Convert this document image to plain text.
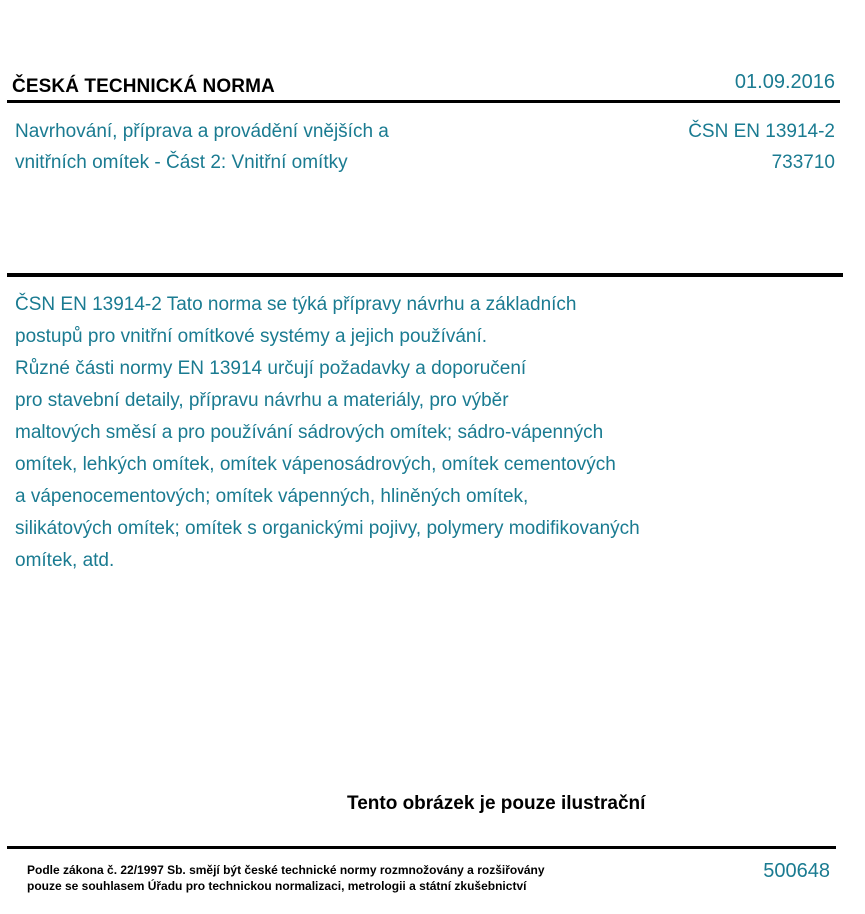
ČESKÁ TECHNICKÁ NORMA	01.09.2016
Navrhování, příprava a provádění vnějších a
vnitřních omítek - Část 2: Vnitřní omítky
ČSN EN 13914-2
733710
ČSN EN 13914-2 Tato norma se týká přípravy návrhu a základních
postupů pro vnitřní omítkové systémy a jejich používání.
Různé části normy EN 13914 určují požadavky a doporučení
pro stavební detaily, přípravu návrhu a materiály, pro výběr
maltových směsí a pro používání sádrových omítek; sádro-vápenných
omítek, lehkých omítek, omítek vápenosádrových, omítek cementových
a vápenocementových; omítek vápenných, hliněných omítek,
silikátových omítek; omítek s organickými pojivy, polymery modifikovaných
omítek, atd.
Tento obrázek je pouze ilustrační
Podle zákona č. 22/1997 Sb. smějí být české technické normy rozmnožovány a rozšiřovány
pouze se souhlasem Úřadu pro technickou normalizaci, metrologii a státní zkušebnictví
500648
